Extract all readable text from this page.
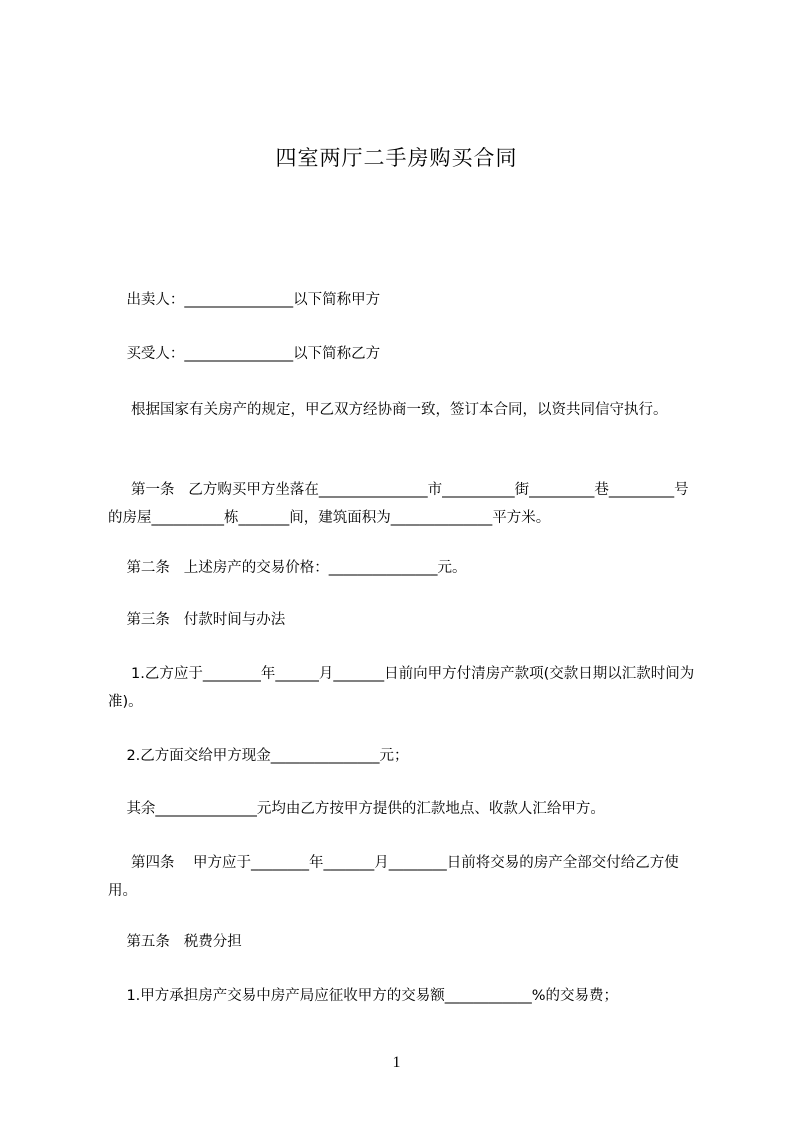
四室两厅二手房购买合同
出卖人：_______________以下简称甲方
买受人：_______________以下简称乙方
根据国家有关房产的规定，甲乙双方经协商一致，签订本合同，以资共同信守执行。
第一条   乙方购买甲方坐落在_______________市__________街_________巷_________号的房屋__________栋_______间，建筑面积为______________平方米。
第二条   上述房产的交易价格：_______________元。
第三条   付款时间与办法
1.乙方应于________年______月_______日前向甲方付清房产款项(交款日期以汇款时间为准)。
2.乙方面交给甲方现金_______________元；
其余______________元均由乙方按甲方提供的汇款地点、收款人汇给甲方。
第四条    甲方应于________年_______月________日前将交易的房产全部交付给乙方使用。
第五条   税费分担
1.甲方承担房产交易中房产局应征收甲方的交易额____________%的交易费；
1
